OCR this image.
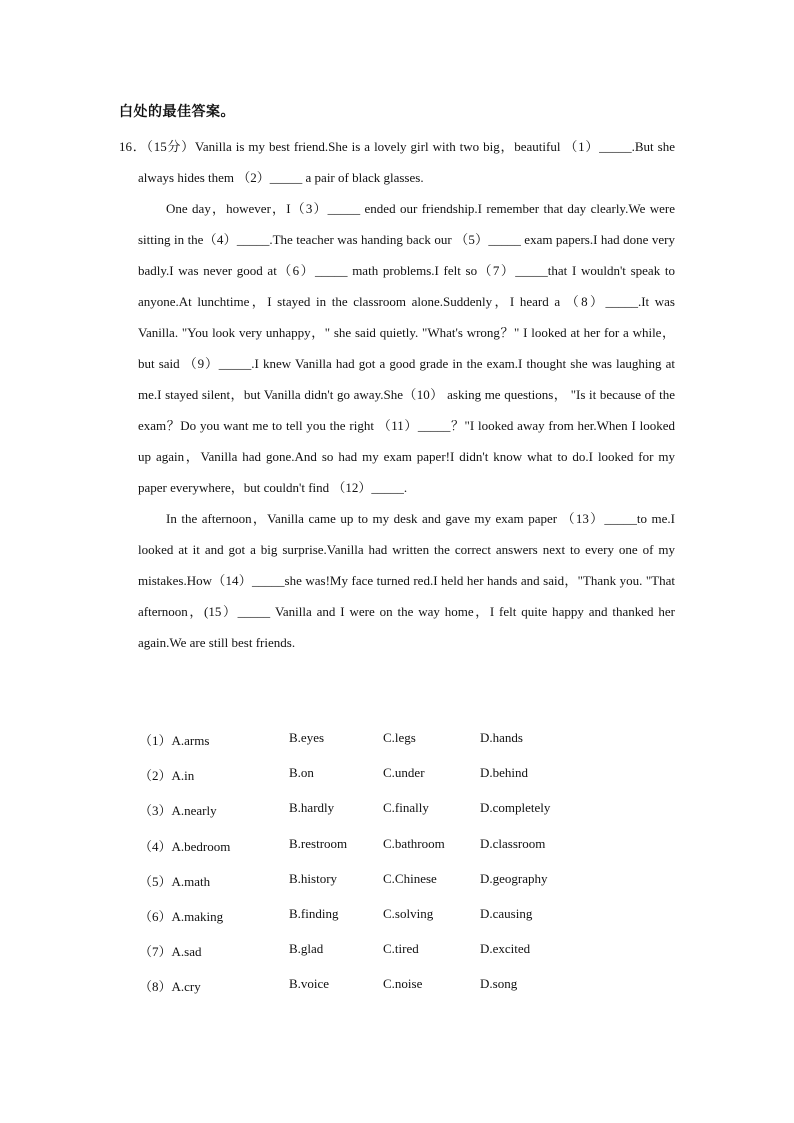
白处的最佳答案。
16．（15分）Vanilla is my best friend.She is a lovely girl with two big，beautiful （1）_____.But she always hides them （2）_____ a pair of black glasses.
One day，however，I（3）_____ ended our friendship.I remember that day clearly.We were sitting in the（4）_____.The teacher was handing back our （5）_____ exam papers.I had done very badly.I was never good at（6）_____ math problems.I felt so（7）_____that I wouldn't speak to anyone.At lunchtime，I stayed in the classroom alone.Suddenly，I heard a （8）_____.It was Vanilla. "You look very unhappy，" she said quietly. "What's wrong？" I looked at her for a while，but said （9）_____.I knew Vanilla had got a good grade in the exam.I thought she was laughing at me.I stayed silent，but Vanilla didn't go away.She（10） asking me questions， "Is it because of the exam？Do you want me to tell you the right （11）_____？"I looked away from her.When I looked up again，Vanilla had gone.And so had my exam paper!I didn't know what to do.I looked for my paper everywhere，but couldn't find （12）_____.
In the afternoon，Vanilla came up to my desk and gave my exam paper （13）_____to me.I looked at it and got a big surprise.Vanilla had written the correct answers next to every one of my mistakes.How（14）_____she was!My face turned red.I held her hands and said，"Thank you. "That afternoon，(15）_____ Vanilla and I were on the way home，I felt quite happy and thanked her again.We are still best friends.
（1）A.arms	B.eyes	C.legs	D.hands
（2）A.in	B.on	C.under	D.behind
（3）A.nearly	B.hardly	C.finally	D.completely
（4）A.bedroom	B.restroom	C.bathroom	D.classroom
（5）A.math	B.history	C.Chinese	D.geography
（6）A.making	B.finding	C.solving	D.causing
（7）A.sad	B.glad	C.tired	D.excited
（8）A.cry	B.voice	C.noise	D.song
